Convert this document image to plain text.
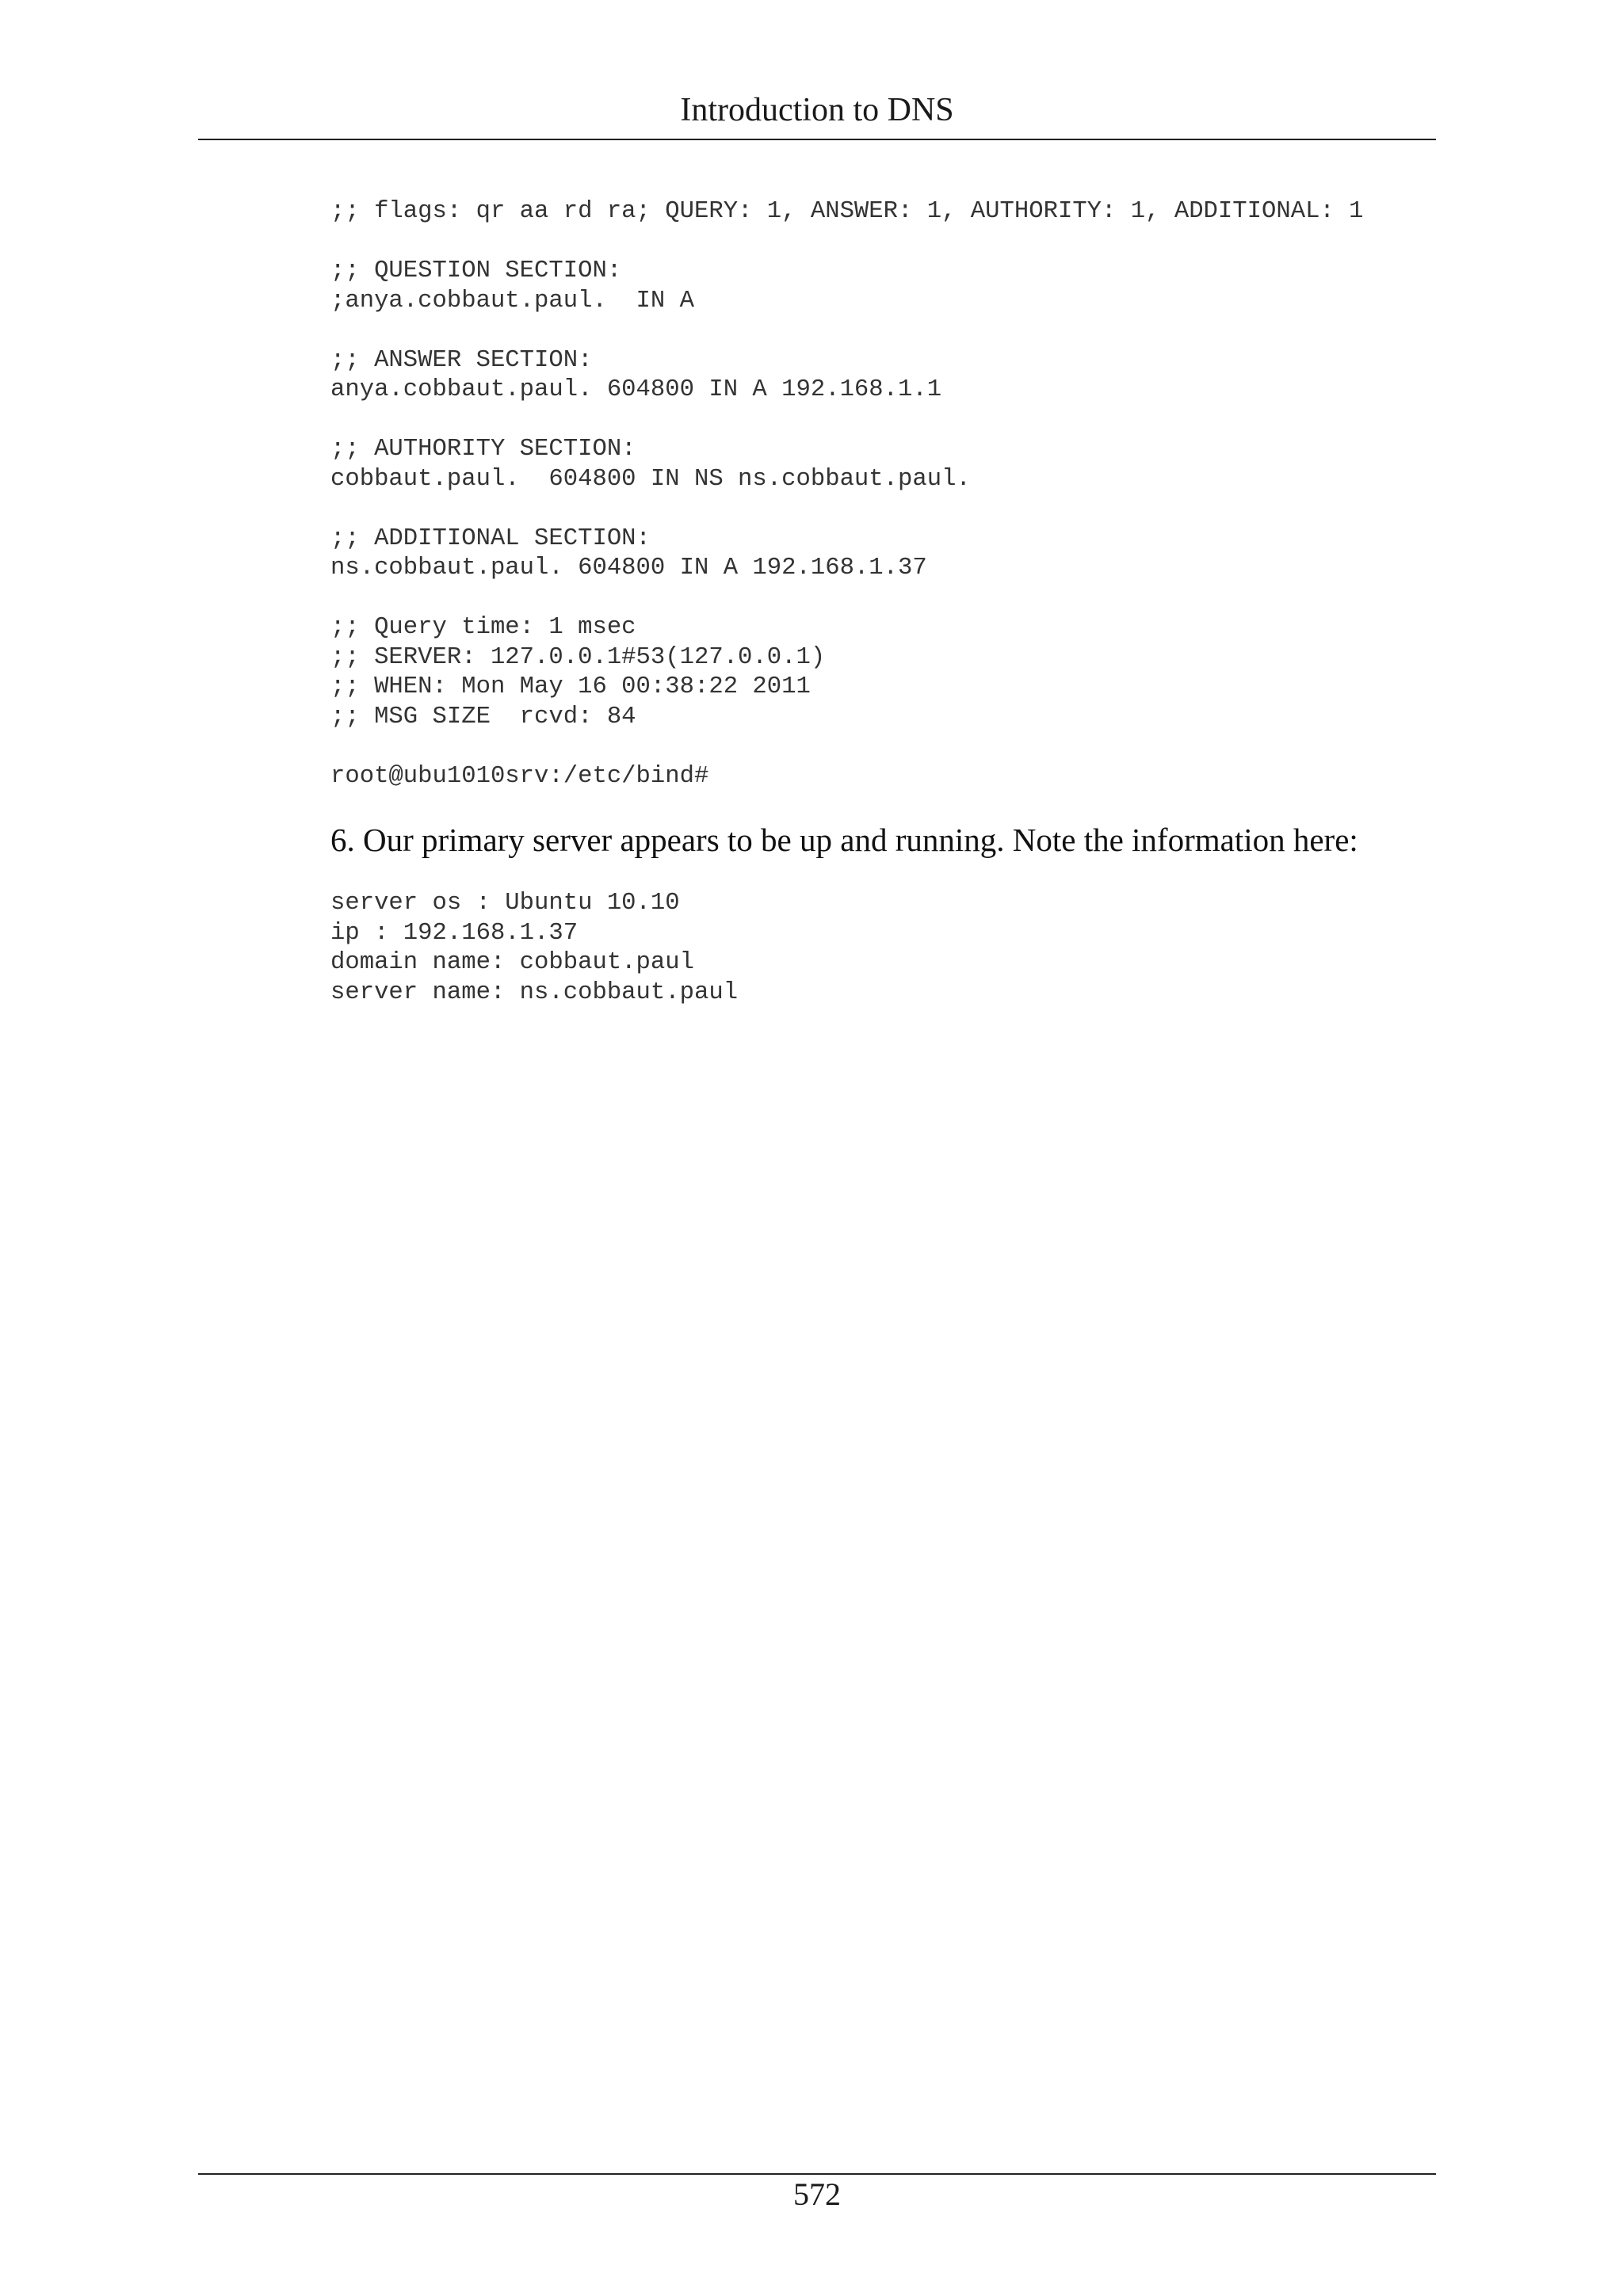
Introduction to DNS
;; flags: qr aa rd ra; QUERY: 1, ANSWER: 1, AUTHORITY: 1, ADDITIONAL: 1
;; QUESTION SECTION:
;anya.cobbaut.paul.  IN A
;; ANSWER SECTION:
anya.cobbaut.paul. 604800 IN A 192.168.1.1
;; AUTHORITY SECTION:
cobbaut.paul.  604800 IN NS ns.cobbaut.paul.
;; ADDITIONAL SECTION:
ns.cobbaut.paul. 604800 IN A 192.168.1.37
;; Query time: 1 msec
;; SERVER: 127.0.0.1#53(127.0.0.1)
;; WHEN: Mon May 16 00:38:22 2011
;; MSG SIZE  rcvd: 84
root@ubu1010srv:/etc/bind#

6. Our primary server appears to be up and running. Note the information here:

server os : Ubuntu 10.10
ip : 192.168.1.37
domain name: cobbaut.paul
server name: ns.cobbaut.paul
572
